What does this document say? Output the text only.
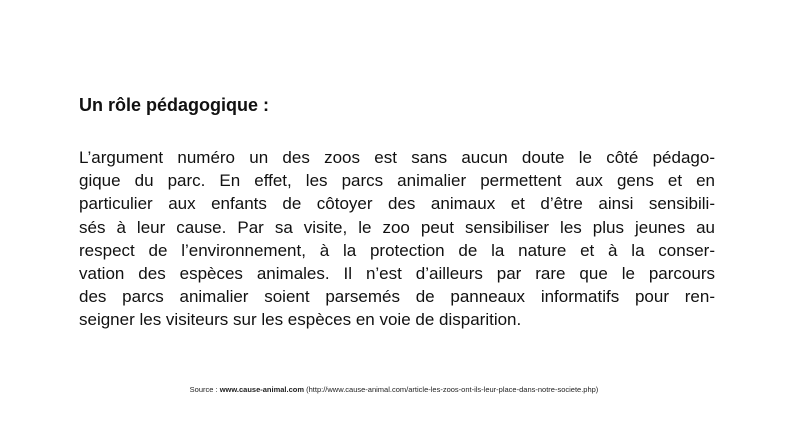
Un rôle pédagogique :
L’argument numéro un des zoos est sans aucun doute le côté pédago-
gique du parc. En effet, les parcs animalier permettent aux gens et en
particulier aux enfants de côtoyer des animaux et d’être ainsi sensibili-
sés à leur cause. Par sa visite, le zoo peut sensibiliser les plus jeunes au
respect de l’environnement, à la protection de la nature et à la conser-
vation des espèces animales. Il n’est d’ailleurs par rare que le parcours
des parcs animalier soient parsemés de panneaux informatifs pour ren-
seigner les visiteurs sur les espèces en voie de disparition.
Source : www.cause-animal.com (http://www.cause-animal.com/article-les-zoos-ont-ils-leur-place-dans-notre-societe.php)
